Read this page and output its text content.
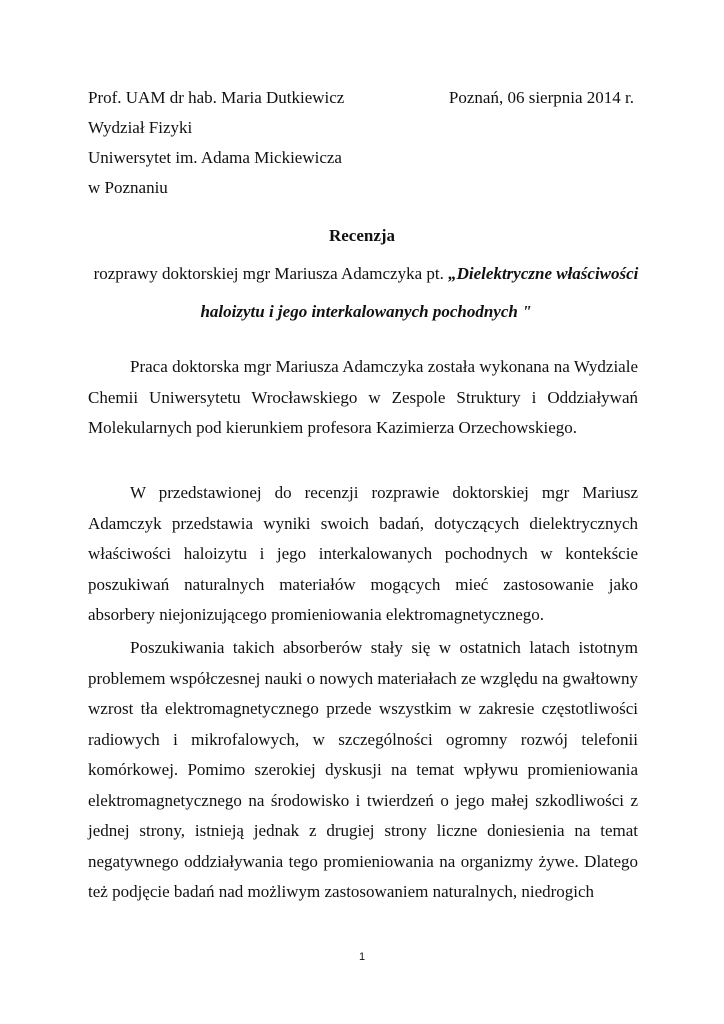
Prof. UAM dr hab. Maria Dutkiewicz	Poznań, 06 sierpnia 2014 r.
Wydział Fizyki
Uniwersytet im. Adama Mickiewicza
w Poznaniu
Recenzja
rozprawy doktorskiej mgr Mariusza Adamczyka pt. „Dielektryczne właściwości
haloizytu i jego interkalowanych pochodnych "
Praca doktorska mgr Mariusza Adamczyka została wykonana na Wydziale Chemii Uniwersytetu Wrocławskiego w Zespole Struktury i Oddziaływań Molekularnych pod kierunkiem profesora Kazimierza Orzechowskiego.
W przedstawionej do recenzji rozprawie doktorskiej mgr Mariusz Adamczyk przedstawia wyniki swoich badań, dotyczących dielektrycznych właściwości haloizytu i jego interkalowanych pochodnych w kontekście poszukiwań naturalnych materiałów mogących mieć zastosowanie jako absorbery niejonizującego promieniowania elektromagnetycznego.
Poszukiwania takich absorberów stały się w ostatnich latach istotnym problemem współczesnej nauki o nowych materiałach ze względu na gwałtowny wzrost tła elektromagnetycznego przede wszystkim w zakresie częstotliwości radiowych i mikrofalowych, w szczególności ogromny rozwój telefonii komórkowej. Pomimo szerokiej dyskusji na temat wpływu promieniowania elektromagnetycznego na środowisko i twierdzeń o jego małej szkodliwości z jednej strony, istnieją jednak z drugiej strony liczne doniesienia na temat negatywnego oddziaływania tego promieniowania na organizmy żywe. Dlatego też podjęcie badań nad możliwym zastosowaniem naturalnych, niedrogich
1
